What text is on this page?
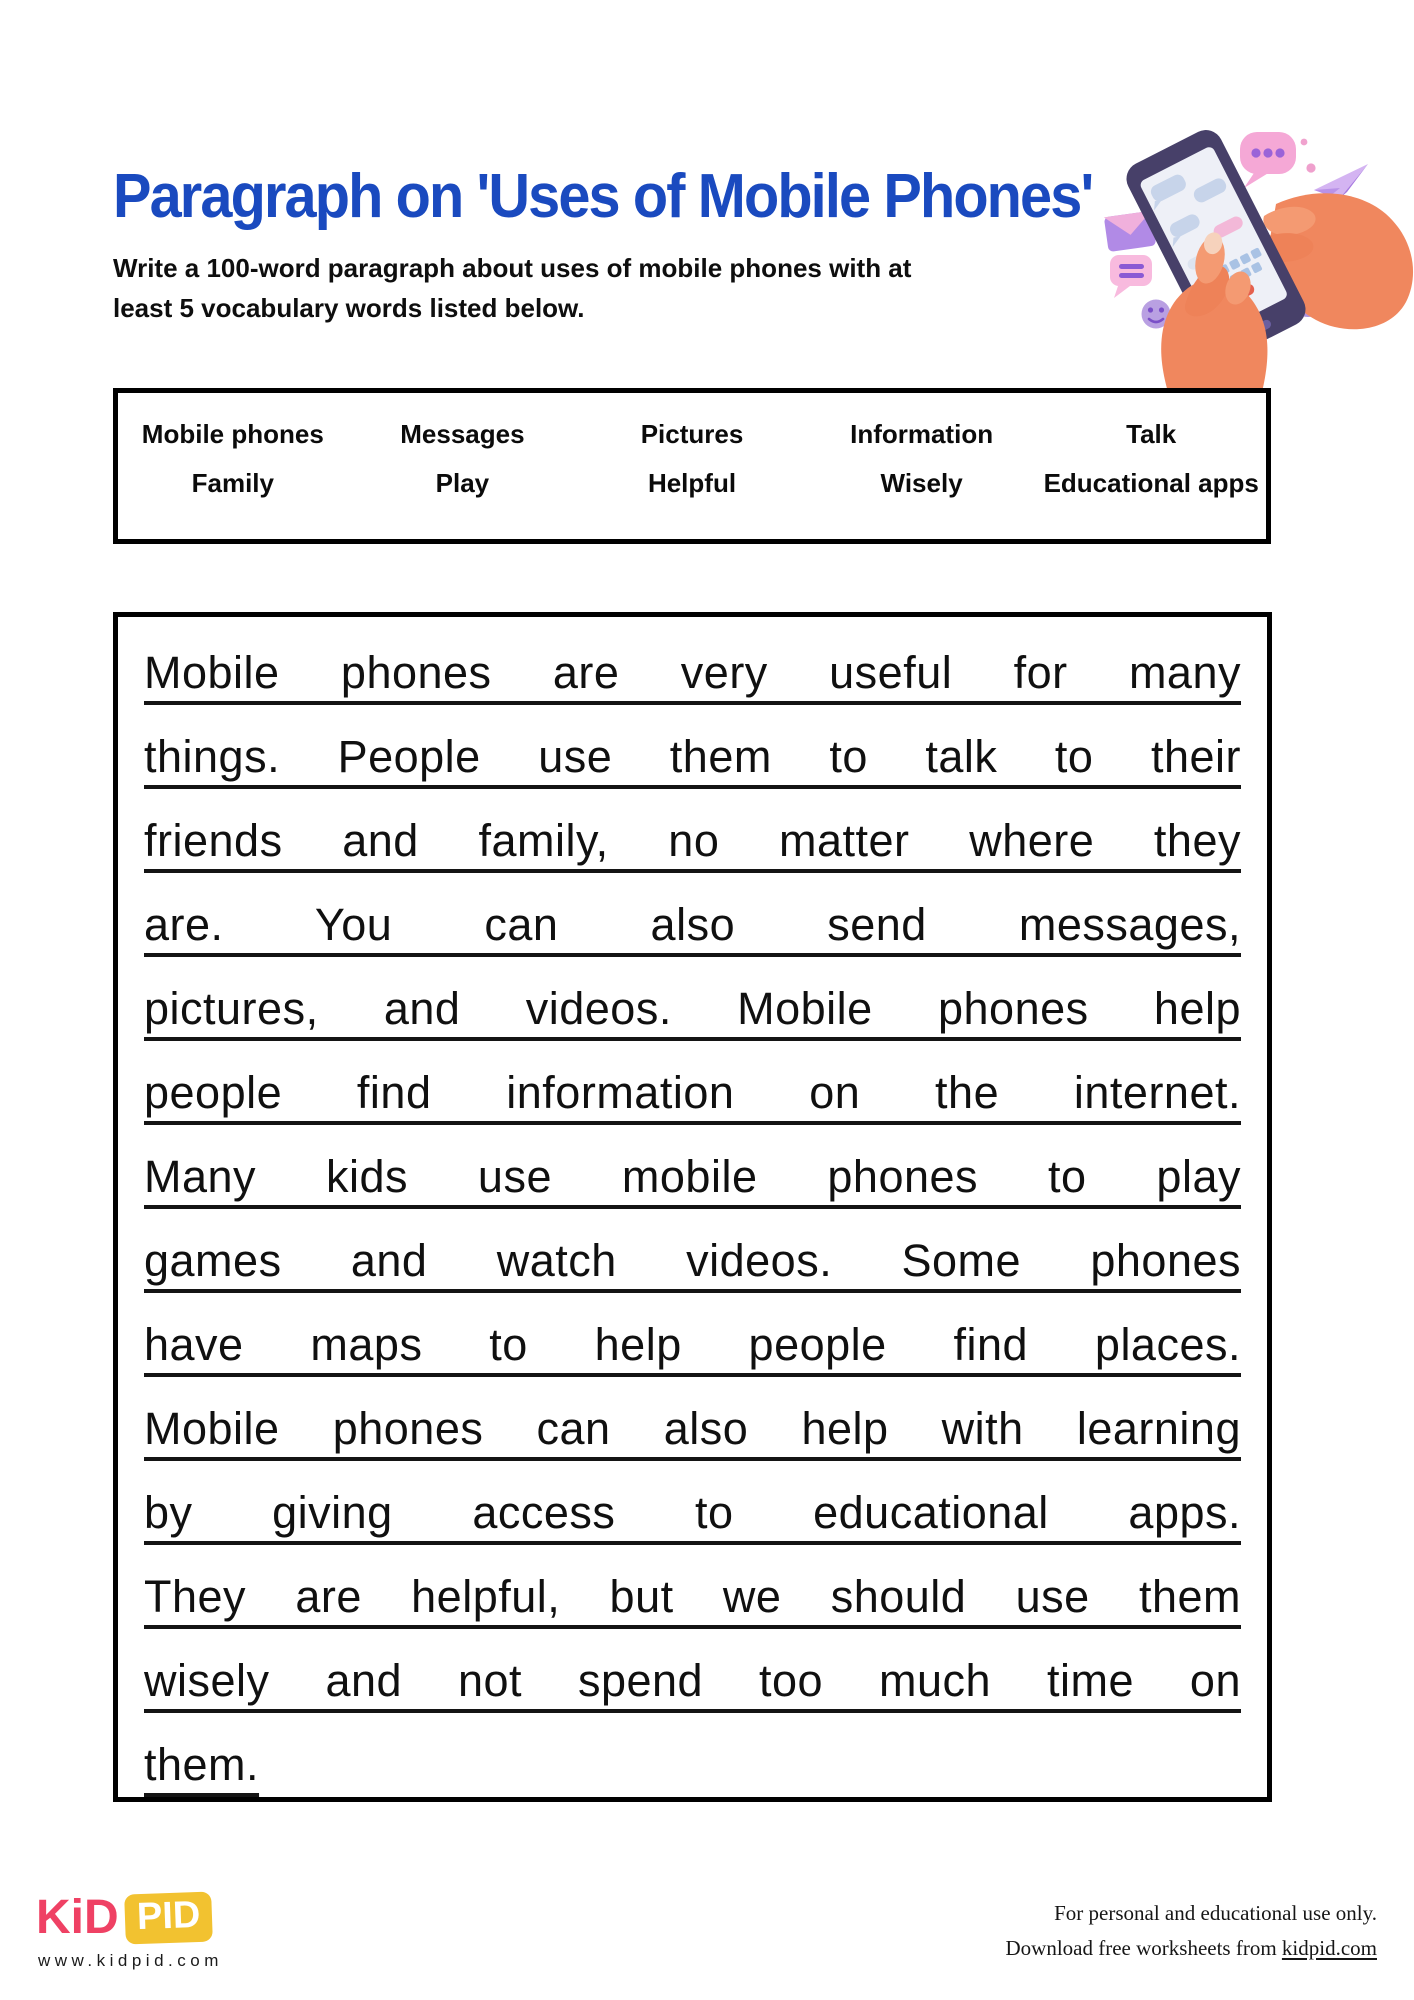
Paragraph on 'Uses of Mobile Phones'
Write a 100-word paragraph about uses of mobile phones with at
least 5 vocabulary words listed below.
Mobile phones	Messages	Pictures	Information	Talk
Family	Play	Helpful	Wisely	Educational apps
Mobile phones are very useful for many
things. People use them to talk to their
friends and family, no matter where they
are. You can also send messages,
pictures, and videos. Mobile phones help
people find information on the internet.
Many kids use mobile phones to play
games and watch videos. Some phones
have maps to help people find places.
Mobile phones can also help with learning
by giving access to educational apps.
They are helpful, but we should use them
wisely and not spend too much time on
them.
KiD PID
www.kidpid.com
For personal and educational use only.
Download free worksheets from kidpid.com
